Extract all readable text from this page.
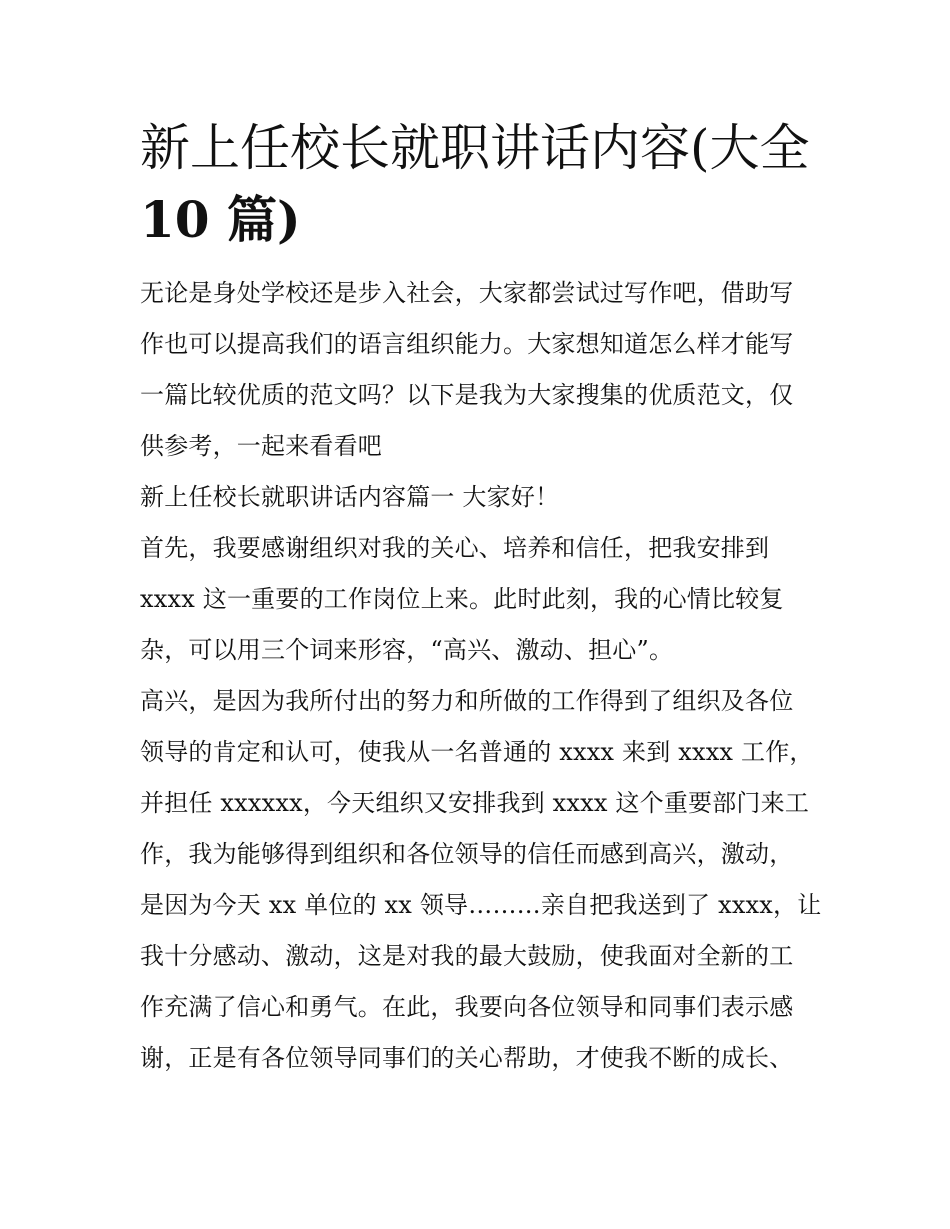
新上任校长就职讲话内容(大全
10 篇)
无论是身处学校还是步入社会，大家都尝试过写作吧，借助写
作也可以提高我们的语言组织能力。大家想知道怎么样才能写
一篇比较优质的范文吗？以下是我为大家搜集的优质范文，仅
供参考，一起来看看吧
新上任校长就职讲话内容篇一 大家好！
首先，我要感谢组织对我的关心、培养和信任，把我安排到
xxxx 这一重要的工作岗位上来。此时此刻，我的心情比较复
杂，可以用三个词来形容，“高兴、激动、担心”。
高兴，是因为我所付出的努力和所做的工作得到了组织及各位
领导的肯定和认可，使我从一名普通的 xxxx 来到 xxxx 工作，
并担任 xxxxxx，今天组织又安排我到 xxxx 这个重要部门来工
作，我为能够得到组织和各位领导的信任而感到高兴，激动，
是因为今天 xx 单位的 xx 领导………亲自把我送到了 xxxx，让
我十分感动、激动，这是对我的最大鼓励，使我面对全新的工
作充满了信心和勇气。在此，我要向各位领导和同事们表示感
谢，正是有各位领导同事们的关心帮助，才使我不断的成长、
